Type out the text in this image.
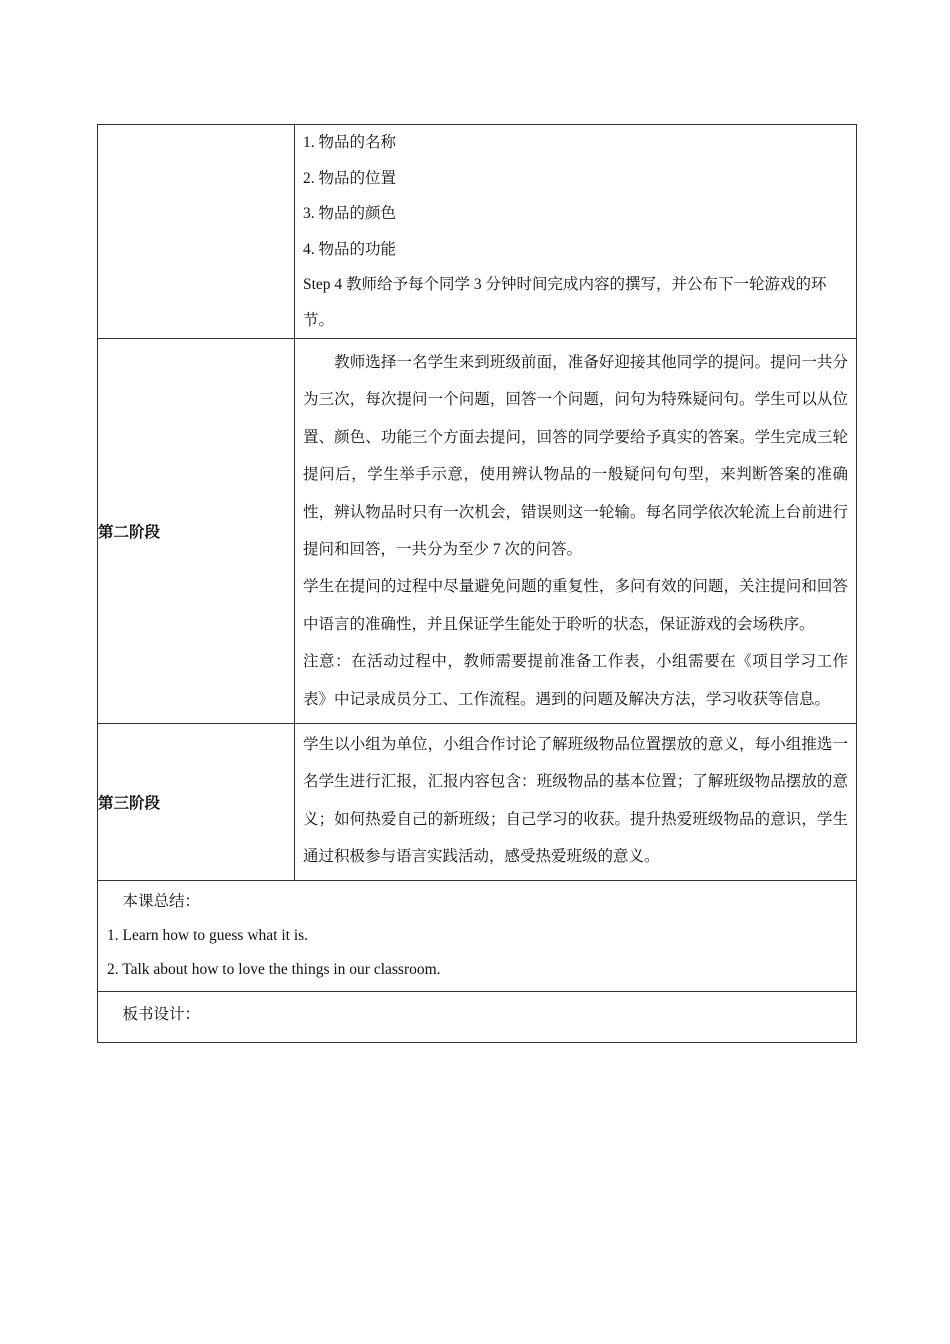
	1. 物品的名称

2. 物品的位置

3. 物品的颜色

4. 物品的功能

Step 4 教师给予每个同学 3 分钟时间完成内容的撰写，并公布下一轮游戏的环节。

第二阶段	　　教师选择一名学生来到班级前面，准备好迎接其他同学的提问。提问一共分为三次，每次提问一个问题，回答一个问题，问句为特殊疑问句。学生可以从位置、颜色、功能三个方面去提问，回答的同学要给予真实的答案。学生完成三轮提问后，学生举手示意，使用辨认物品的一般疑问句句型，来判断答案的准确性，辨认物品时只有一次机会，错误则这一轮输。每名同学依次轮流上台前进行提问和回答，一共分为至少 7 次的问答。

学生在提问的过程中尽量避免问题的重复性，多问有效的问题，关注提问和回答中语言的准确性，并且保证学生能处于聆听的状态，保证游戏的会场秩序。

注意：在活动过程中，教师需要提前准备工作表，小组需要在《项目学习工作表》中记录成员分工、工作流程。遇到的问题及解决方法，学习收获等信息。

第三阶段	学生以小组为单位，小组合作讨论了解班级物品位置摆放的意义，每小组推选一名学生进行汇报，汇报内容包含：班级物品的基本位置；了解班级物品摆放的意义；如何热爱自己的新班级；自己学习的收获。提升热爱班级物品的意识，学生通过积极参与语言实践活动，感受热爱班级的意义。

　本课总结：

1. Learn how to guess what it is.

2. Talk about how to love the things in our classroom.	

　板书设计：	
